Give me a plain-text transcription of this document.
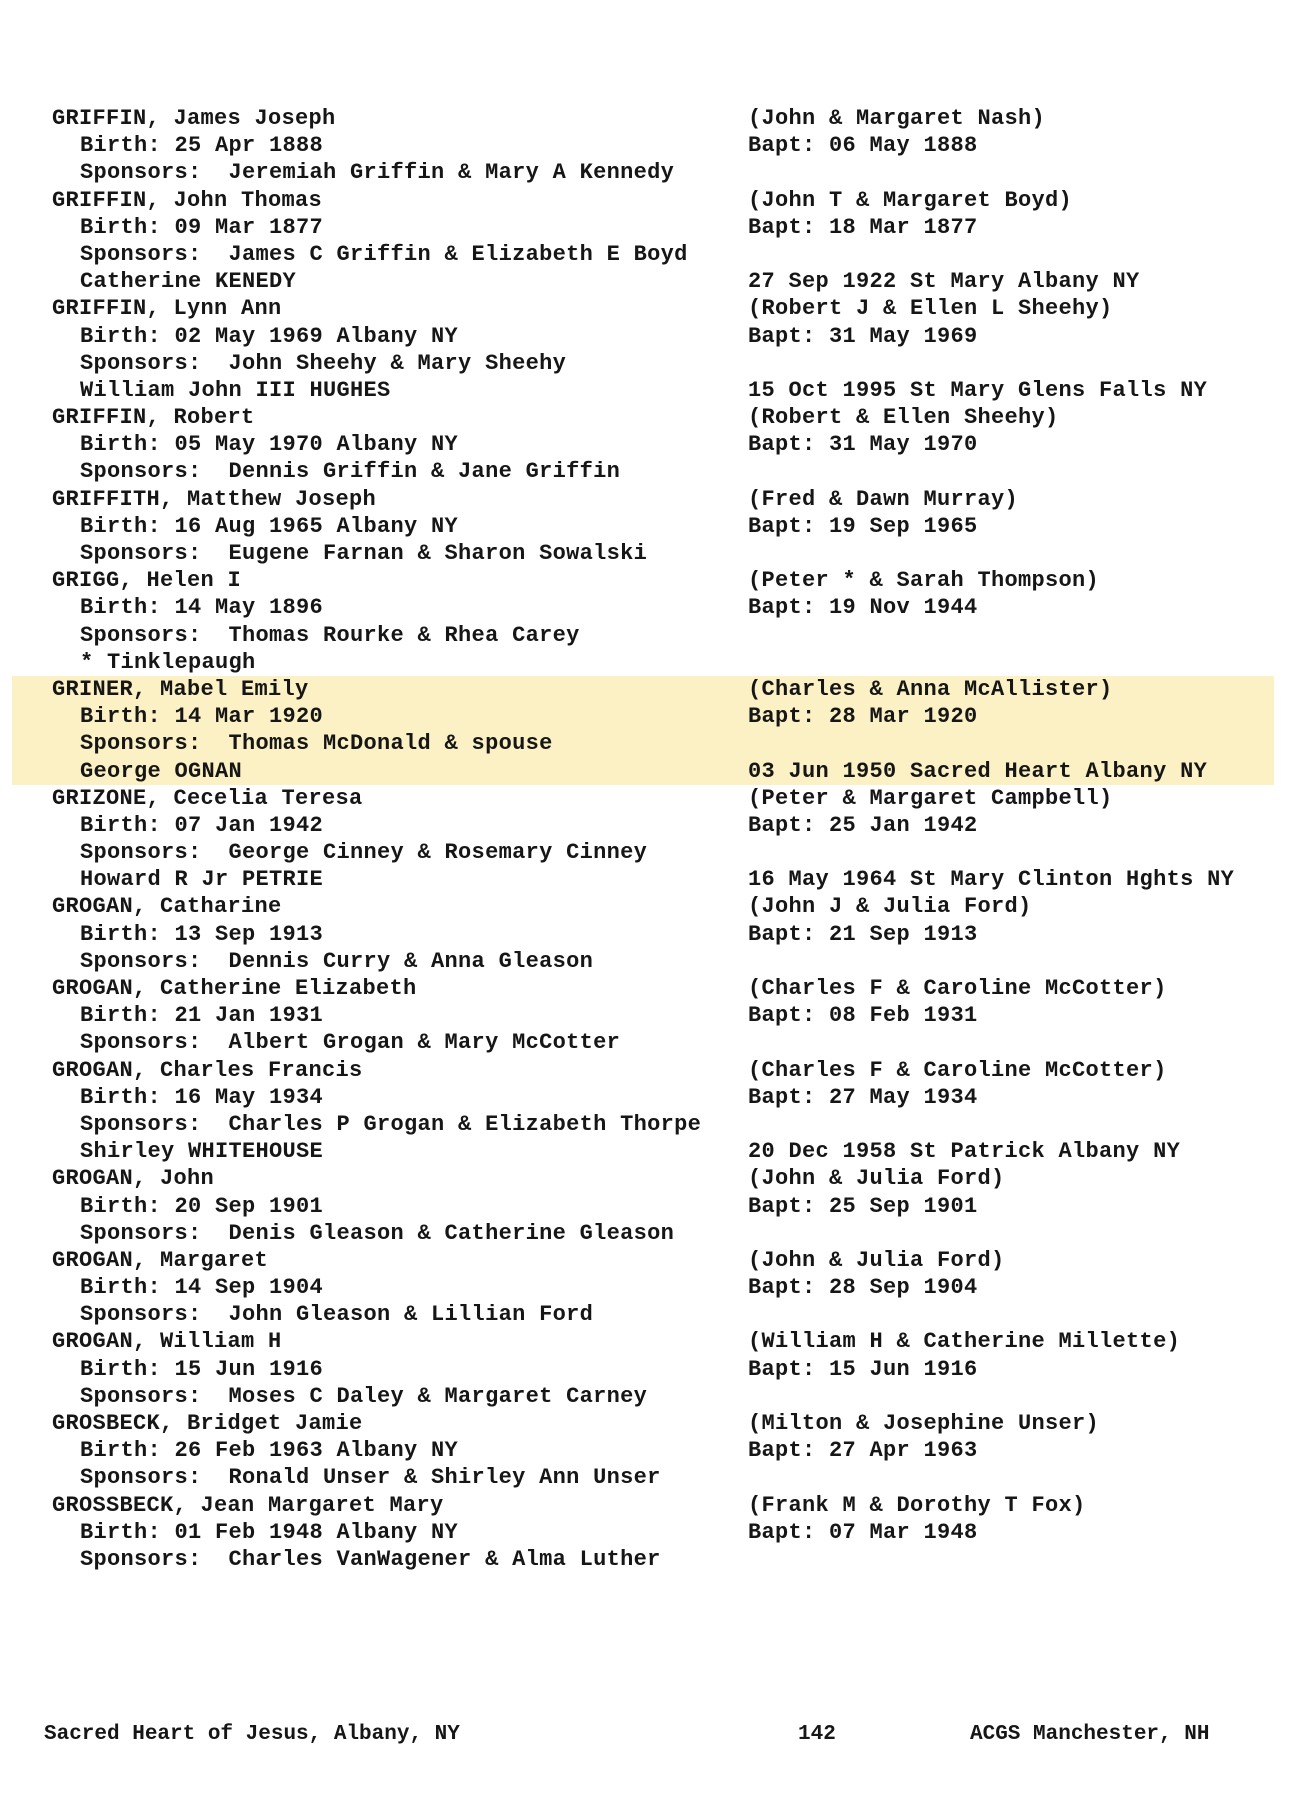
GRIFFIN, James Joseph	(John & Margaret Nash)
Birth: 25 Apr 1888	Bapt: 06 May 1888
Sponsors:  Jeremiah Griffin & Mary A Kennedy
GRIFFIN, John Thomas	(John T & Margaret Boyd)
Birth: 09 Mar 1877	Bapt: 18 Mar 1877
Sponsors:  James C Griffin & Elizabeth E Boyd
Catherine KENEDY	27 Sep 1922 St Mary Albany NY
GRIFFIN, Lynn Ann	(Robert J & Ellen L Sheehy)
Birth: 02 May 1969 Albany NY	Bapt: 31 May 1969
Sponsors:  John Sheehy & Mary Sheehy
William John III HUGHES	15 Oct 1995 St Mary Glens Falls NY
GRIFFIN, Robert	(Robert & Ellen Sheehy)
Birth: 05 May 1970 Albany NY	Bapt: 31 May 1970
Sponsors:  Dennis Griffin & Jane Griffin
GRIFFITH, Matthew Joseph	(Fred & Dawn Murray)
Birth: 16 Aug 1965 Albany NY	Bapt: 19 Sep 1965
Sponsors:  Eugene Farnan & Sharon Sowalski
GRIGG, Helen I	(Peter * & Sarah Thompson)
Birth: 14 May 1896	Bapt: 19 Nov 1944
Sponsors:  Thomas Rourke & Rhea Carey
* Tinklepaugh
GRINER, Mabel Emily	(Charles & Anna McAllister)
Birth: 14 Mar 1920	Bapt: 28 Mar 1920
Sponsors:  Thomas McDonald & spouse
George OGNAN	03 Jun 1950 Sacred Heart Albany NY
GRIZONE, Cecelia Teresa	(Peter & Margaret Campbell)
Birth: 07 Jan 1942	Bapt: 25 Jan 1942
Sponsors:  George Cinney & Rosemary Cinney
Howard R Jr PETRIE	16 May 1964 St Mary Clinton Hghts NY
GROGAN, Catharine	(John J & Julia Ford)
Birth: 13 Sep 1913	Bapt: 21 Sep 1913
Sponsors:  Dennis Curry & Anna Gleason
GROGAN, Catherine Elizabeth	(Charles F & Caroline McCotter)
Birth: 21 Jan 1931	Bapt: 08 Feb 1931
Sponsors:  Albert Grogan & Mary McCotter
GROGAN, Charles Francis	(Charles F & Caroline McCotter)
Birth: 16 May 1934	Bapt: 27 May 1934
Sponsors:  Charles P Grogan & Elizabeth Thorpe
Shirley WHITEHOUSE	20 Dec 1958 St Patrick Albany NY
GROGAN, John	(John & Julia Ford)
Birth: 20 Sep 1901	Bapt: 25 Sep 1901
Sponsors:  Denis Gleason & Catherine Gleason
GROGAN, Margaret	(John & Julia Ford)
Birth: 14 Sep 1904	Bapt: 28 Sep 1904
Sponsors:  John Gleason & Lillian Ford
GROGAN, William H	(William H & Catherine Millette)
Birth: 15 Jun 1916	Bapt: 15 Jun 1916
Sponsors:  Moses C Daley & Margaret Carney
GROSBECK, Bridget Jamie	(Milton & Josephine Unser)
Birth: 26 Feb 1963 Albany NY	Bapt: 27 Apr 1963
Sponsors:  Ronald Unser & Shirley Ann Unser
GROSSBECK, Jean Margaret Mary	(Frank M & Dorothy T Fox)
Birth: 01 Feb 1948 Albany NY	Bapt: 07 Mar 1948
Sponsors:  Charles VanWagener & Alma Luther
Sacred Heart of Jesus, Albany, NY	142	ACGS Manchester, NH
